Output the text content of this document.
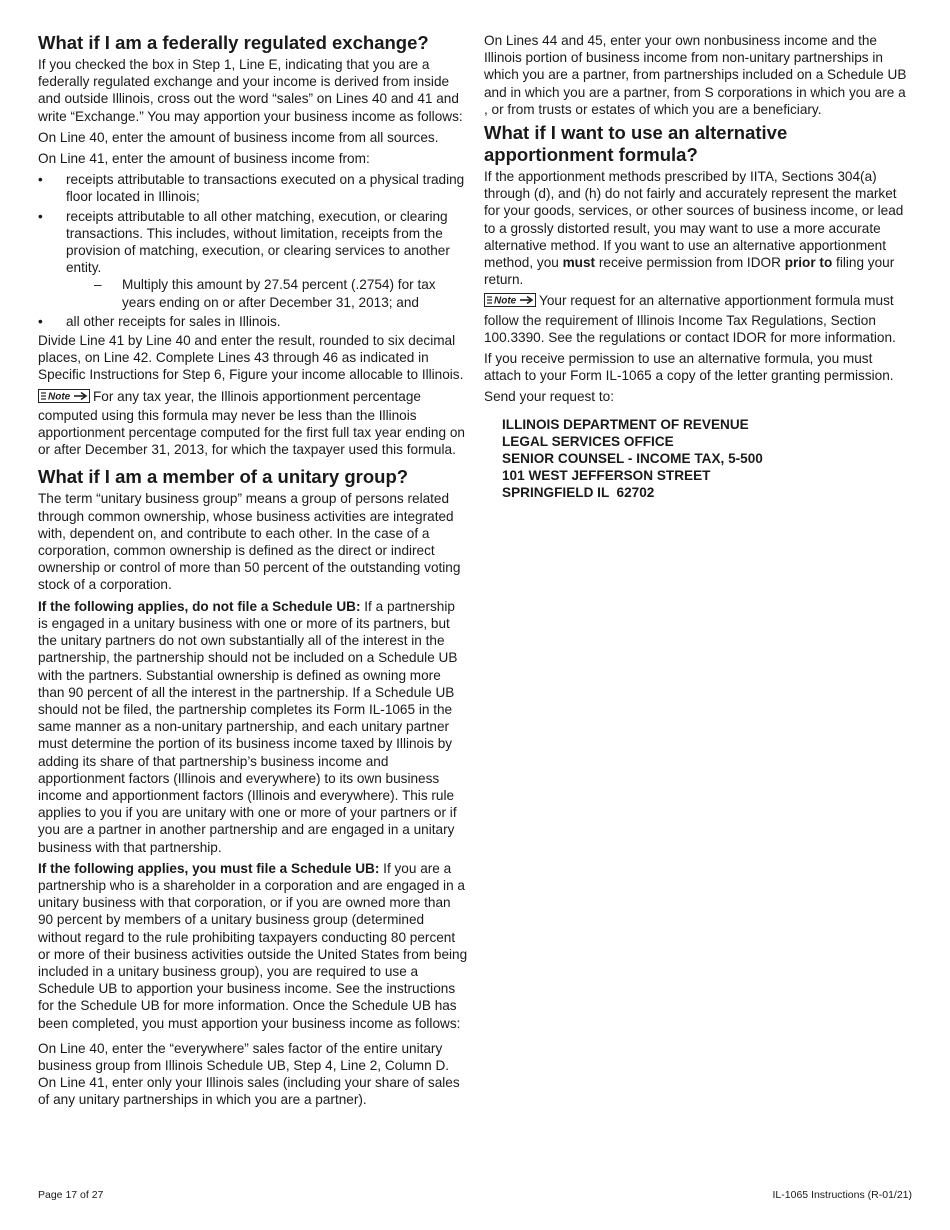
What if I am a federally regulated exchange?

If you checked the box in Step 1, Line E, indicating that you are a federally regulated exchange and your income is derived from inside and outside Illinois, cross out the word “sales” on Lines 40 and 41 and write “Exchange.” You may apportion your business income as follows:

On Line 40, enter the amount of business income from all sources.

On Line 41, enter the amount of business income from:

• receipts attributable to transactions executed on a physical trading floor located in Illinois;
• receipts attributable to all other matching, execution, or clearing transactions. This includes, without limitation, receipts from the provision of matching, execution, or clearing services to another entity.
– Multiply this amount by 27.54 percent (.2754) for tax years ending on or after December 31, 2013; and
• all other receipts for sales in Illinois.

Divide Line 41 by Line 40 and enter the result, rounded to six decimal places, on Line 42. Complete Lines 43 through 46 as indicated in Specific Instructions for Step 6, Figure your income allocable to Illinois.

Note For any tax year, the Illinois apportionment percentage computed using this formula may never be less than the Illinois apportionment percentage computed for the first full tax year ending on or after December 31, 2013, for which the taxpayer used this formula.

What if I am a member of a unitary group?

The term “unitary business group” means a group of persons related through common ownership, whose business activities are integrated with, dependent on, and contribute to each other. In the case of a corporation, common ownership is defined as the direct or indirect ownership or control of more than 50 percent of the outstanding voting stock of a corporation.

If the following applies, do not file a Schedule UB: If a partnership is engaged in a unitary business with one or more of its partners, but the unitary partners do not own substantially all of the interest in the partnership, the partnership should not be included on a Schedule UB with the partners. Substantial ownership is defined as owning more than 90 percent of all the interest in the partnership. If a Schedule UB should not be filed, the partnership completes its Form IL-1065 in the same manner as a non-unitary partnership, and each unitary partner must determine the portion of its business income taxed by Illinois by adding its share of that partnership’s business income and apportionment factors (Illinois and everywhere) to its own business income and apportionment factors (Illinois and everywhere). This rule applies to you if you are unitary with one or more of your partners or if you are a partner in another partnership and are engaged in a unitary business with that partnership.

If the following applies, you must file a Schedule UB: If you are a partnership who is a shareholder in a corporation and are engaged in a unitary business with that corporation, or if you are owned more than 90 percent by members of a unitary business group (determined without regard to the rule prohibiting taxpayers conducting 80 percent or more of their business activities outside the United States from being included in a unitary business group), you are required to use a Schedule UB to apportion your business income. See the instructions for the Schedule UB for more information. Once the Schedule UB has been completed, you must apportion your business income as follows:

On Line 40, enter the “everywhere” sales factor of the entire unitary business group from Illinois Schedule UB, Step 4, Line 2, Column D. On Line 41, enter only your Illinois sales (including your share of sales of any unitary partnerships in which you are a partner).

On Lines 44 and 45, enter your own nonbusiness income and the Illinois portion of business income from non-unitary partnerships in which you are a partner, from partnerships included on a Schedule UB and in which you are a partner, from S corporations in which you are a , or from trusts or estates of which you are a beneficiary.

What if I want to use an alternative apportionment formula?

If the apportionment methods prescribed by IITA, Sections 304(a) through (d), and (h) do not fairly and accurately represent the market for your goods, services, or other sources of business income, or lead to a grossly distorted result, you may want to use a more accurate alternative method. If you want to use an alternative apportionment method, you must receive permission from IDOR prior to filing your return.

Note Your request for an alternative apportionment formula must follow the requirement of Illinois Income Tax Regulations, Section 100.3390. See the regulations or contact IDOR for more information.

If you receive permission to use an alternative formula, you must attach to your Form IL-1065 a copy of the letter granting permission.

Send your request to:

ILLINOIS DEPARTMENT OF REVENUE
LEGAL SERVICES OFFICE
SENIOR COUNSEL - INCOME TAX, 5-500
101 WEST JEFFERSON STREET
SPRINGFIELD IL  62702
Page 17 of 27	IL-1065 Instructions (R-01/21)
